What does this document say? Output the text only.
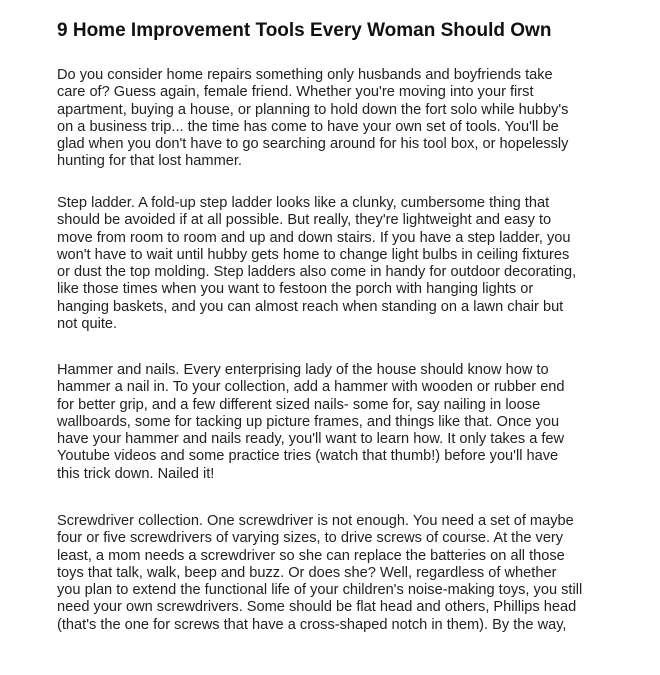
9 Home Improvement Tools Every Woman Should Own

Do you consider home repairs something only husbands and boyfriends take
care of? Guess again, female friend. Whether you're moving into your first
apartment, buying a house, or planning to hold down the fort solo while hubby's
on a business trip... the time has come to have your own set of tools. You'll be
glad when you don't have to go searching around for his tool box, or hopelessly
hunting for that lost hammer.

Step ladder. A fold-up step ladder looks like a clunky, cumbersome thing that
should be avoided if at all possible. But really, they're lightweight and easy to
move from room to room and up and down stairs. If you have a step ladder, you
won't have to wait until hubby gets home to change light bulbs in ceiling fixtures
or dust the top molding. Step ladders also come in handy for outdoor decorating,
like those times when you want to festoon the porch with hanging lights or
hanging baskets, and you can almost reach when standing on a lawn chair but
not quite.

Hammer and nails. Every enterprising lady of the house should know how to
hammer a nail in. To your collection, add a hammer with wooden or rubber end
for better grip, and a few different sized nails- some for, say nailing in loose
wallboards, some for tacking up picture frames, and things like that. Once you
have your hammer and nails ready, you'll want to learn how. It only takes a few
Youtube videos and some practice tries (watch that thumb!) before you'll have
this trick down. Nailed it!

Screwdriver collection. One screwdriver is not enough. You need a set of maybe
four or five screwdrivers of varying sizes, to drive screws of course. At the very
least, a mom needs a screwdriver so she can replace the batteries on all those
toys that talk, walk, beep and buzz. Or does she? Well, regardless of whether
you plan to extend the functional life of your children's noise-making toys, you still
need your own screwdrivers. Some should be flat head and others, Phillips head
(that's the one for screws that have a cross-shaped notch in them). By the way,
